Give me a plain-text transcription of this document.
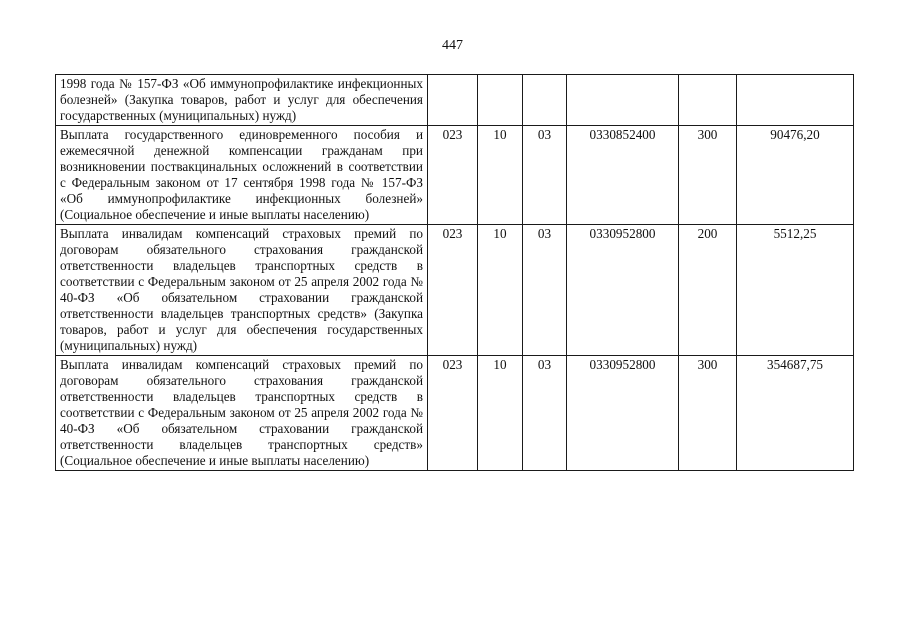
447
1998 года № 157-ФЗ «Об иммунопрофилактике инфекционных болезней» (Закупка товаров, работ и услуг для обеспечения государственных (муниципальных) нужд)						
Выплата государственного единовременного пособия и ежемесячной денежной компенсации гражданам при возникновении поствакцинальных осложнений в соответствии с Федеральным законом от 17 сентября 1998 года № 157-ФЗ «Об иммунопрофилактике инфекционных болезней» (Социальное обеспечение и иные выплаты населению)	023	10	03	0330852400	300	90476,20
Выплата инвалидам компенсаций страховых премий по договорам обязательного страхования гражданской ответственности владельцев транспортных средств в соответствии с Федеральным законом от 25 апреля 2002 года № 40-ФЗ «Об обязательном страховании гражданской ответственности владельцев транспортных средств» (Закупка товаров, работ и услуг для обеспечения государственных (муниципальных) нужд)	023	10	03	0330952800	200	5512,25
Выплата инвалидам компенсаций страховых премий по договорам обязательного страхования гражданской ответственности владельцев транспортных средств в соответствии с Федеральным законом от 25 апреля 2002 года № 40-ФЗ «Об обязательном страховании гражданской ответственности владельцев транспортных средств» (Социальное обеспечение и иные выплаты населению)	023	10	03	0330952800	300	354687,75
